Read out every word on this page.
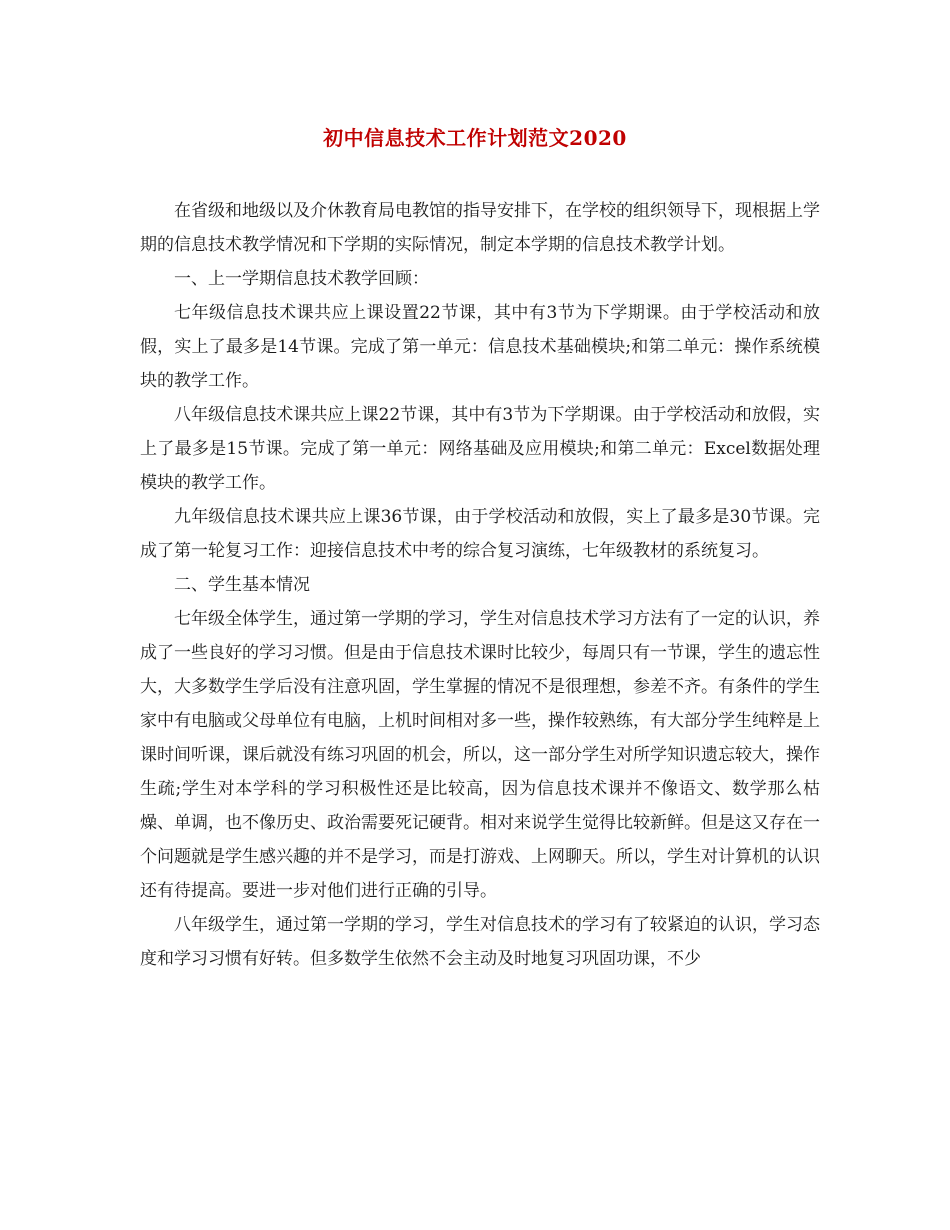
初中信息技术工作计划范文2020

在省级和地级以及介休教育局电教馆的指导安排下，在学校的组织领导下，现根据上学期的信息技术教学情况和下学期的实际情况，制定本学期的信息技术教学计划。

一、上一学期信息技术教学回顾：

七年级信息技术课共应上课设置22节课，其中有3节为下学期课。由于学校活动和放假，实上了最多是14节课。完成了第一单元：信息技术基础模块;和第二单元：操作系统模块的教学工作。

八年级信息技术课共应上课22节课，其中有3节为下学期课。由于学校活动和放假，实上了最多是15节课。完成了第一单元：网络基础及应用模块;和第二单元：Excel数据处理模块的教学工作。

九年级信息技术课共应上课36节课，由于学校活动和放假，实上了最多是30节课。完成了第一轮复习工作：迎接信息技术中考的综合复习演练，七年级教材的系统复习。

二、学生基本情况

七年级全体学生，通过第一学期的学习，学生对信息技术学习方法有了一定的认识，养成了一些良好的学习习惯。但是由于信息技术课时比较少，每周只有一节课，学生的遗忘性大，大多数学生学后没有注意巩固，学生掌握的情况不是很理想，参差不齐。有条件的学生家中有电脑或父母单位有电脑，上机时间相对多一些，操作较熟练，有大部分学生纯粹是上课时间听课，课后就没有练习巩固的机会，所以，这一部分学生对所学知识遗忘较大，操作生疏;学生对本学科的学习积极性还是比较高，因为信息技术课并不像语文、数学那么枯燥、单调，也不像历史、政治需要死记硬背。相对来说学生觉得比较新鲜。但是这又存在一个问题就是学生感兴趣的并不是学习，而是打游戏、上网聊天。所以，学生对计算机的认识还有待提高。要进一步对他们进行正确的引导。

八年级学生，通过第一学期的学习，学生对信息技术的学习有了较紧迫的认识，学习态度和学习习惯有好转。但多数学生依然不会主动及时地复习巩固功课，不少
